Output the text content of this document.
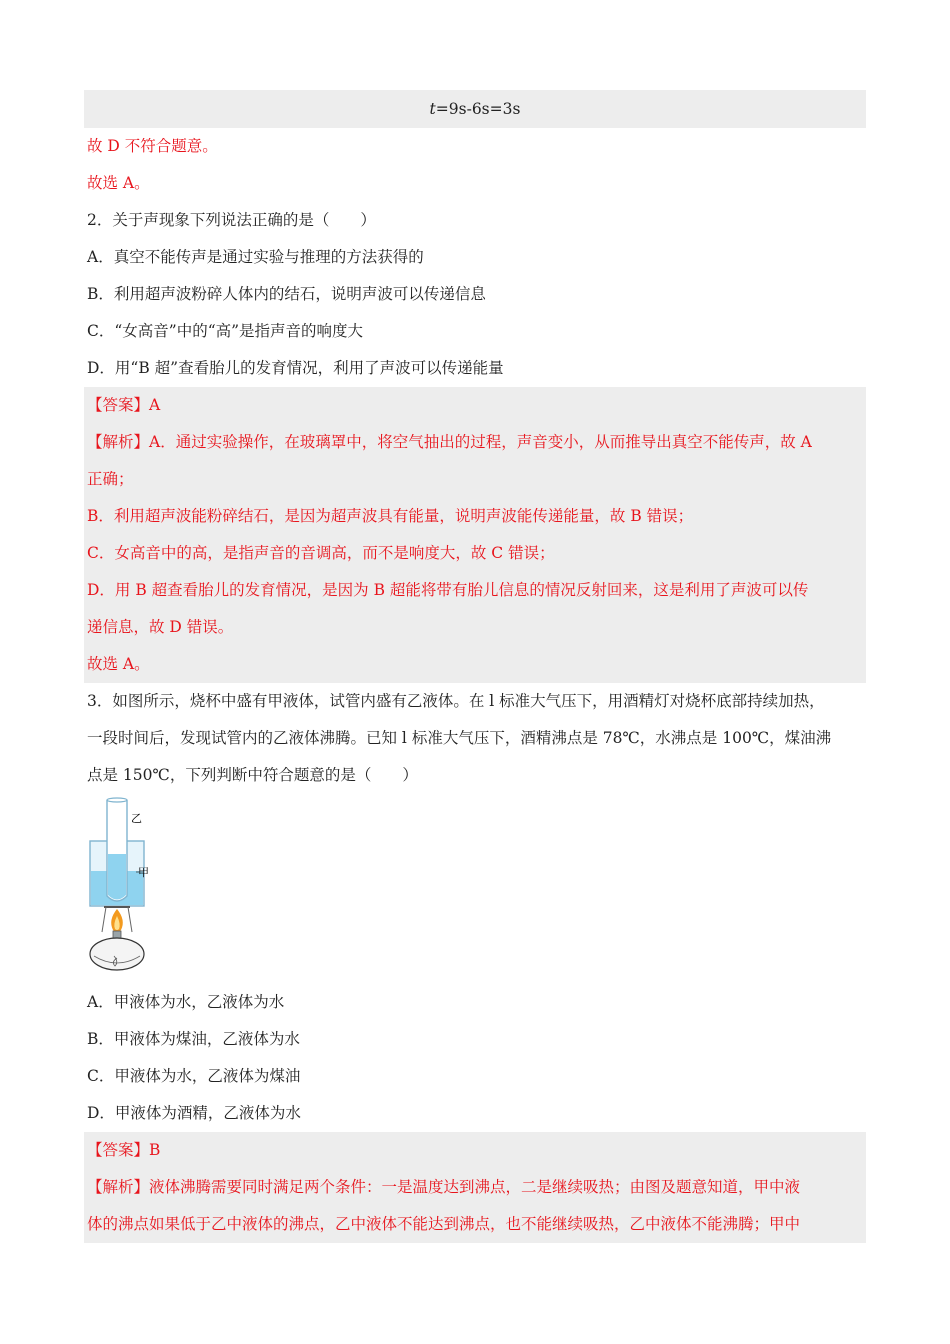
t=9s-6s=3s
故 D 不符合题意。
故选 A。
2．关于声现象下列说法正确的是（　　）
A．真空不能传声是通过实验与推理的方法获得的
B．利用超声波粉碎人体内的结石，说明声波可以传递信息
C．“女高音”中的“高”是指声音的响度大
D．用“B 超”查看胎儿的发育情况，利用了声波可以传递能量
【答案】A
【解析】A．通过实验操作，在玻璃罩中，将空气抽出的过程，声音变小，从而推导出真空不能传声，故 A
正确；
B．利用超声波能粉碎结石，是因为超声波具有能量，说明声波能传递能量，故 B 错误；
C．女高音中的高，是指声音的音调高，而不是响度大，故 C 错误；
D．用 B 超查看胎儿的发育情况，是因为 B 超能将带有胎儿信息的情况反射回来，这是利用了声波可以传
递信息，故 D 错误。
故选 A。
3．如图所示，烧杯中盛有甲液体，试管内盛有乙液体。在 l 标准大气压下，用酒精灯对烧杯底部持续加热，
一段时间后，发现试管内的乙液体沸腾。已知 l 标准大气压下，酒精沸点是 78℃，水沸点是 100℃，煤油沸
点是 150℃，下列判断中符合题意的是（　　）
乙
甲
A．甲液体为水，乙液体为水
B．甲液体为煤油，乙液体为水
C．甲液体为水，乙液体为煤油
D．甲液体为酒精，乙液体为水
【答案】B
【解析】液体沸腾需要同时满足两个条件：一是温度达到沸点，二是继续吸热；由图及题意知道，甲中液
体的沸点如果低于乙中液体的沸点，乙中液体不能达到沸点，也不能继续吸热，乙中液体不能沸腾；甲中
